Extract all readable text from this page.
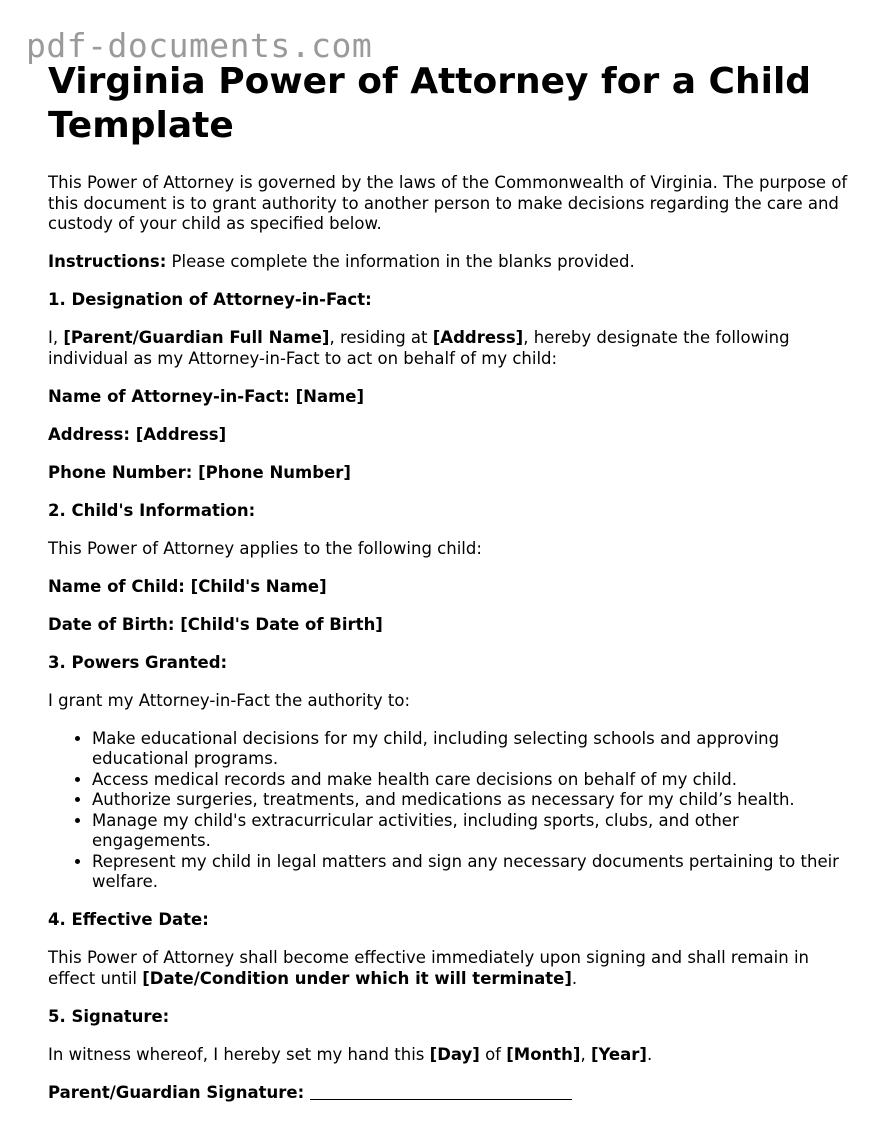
pdf-documents.com
Virginia Power of Attorney for a Child Template

This Power of Attorney is governed by the laws of the Commonwealth of Virginia. The purpose of this document is to grant authority to another person to make decisions regarding the care and custody of your child as specified below.

Instructions: Please complete the information in the blanks provided.

1. Designation of Attorney-in-Fact:

I, [Parent/Guardian Full Name], residing at [Address], hereby designate the following individual as my Attorney-in-Fact to act on behalf of my child:

Name of Attorney-in-Fact: [Name]

Address: [Address]

Phone Number: [Phone Number]

2. Child's Information:

This Power of Attorney applies to the following child:

Name of Child: [Child's Name]

Date of Birth: [Child's Date of Birth]

3. Powers Granted:

I grant my Attorney-in-Fact the authority to:

• Make educational decisions for my child, including selecting schools and approving educational programs.
• Access medical records and make health care decisions on behalf of my child.
• Authorize surgeries, treatments, and medications as necessary for my child’s health.
• Manage my child's extracurricular activities, including sports, clubs, and other engagements.
• Represent my child in legal matters and sign any necessary documents pertaining to their welfare.

4. Effective Date:

This Power of Attorney shall become effective immediately upon signing and shall remain in effect until [Date/Condition under which it will terminate].

5. Signature:

In witness whereof, I hereby set my hand this [Day] of [Month], [Year].

Parent/Guardian Signature:
